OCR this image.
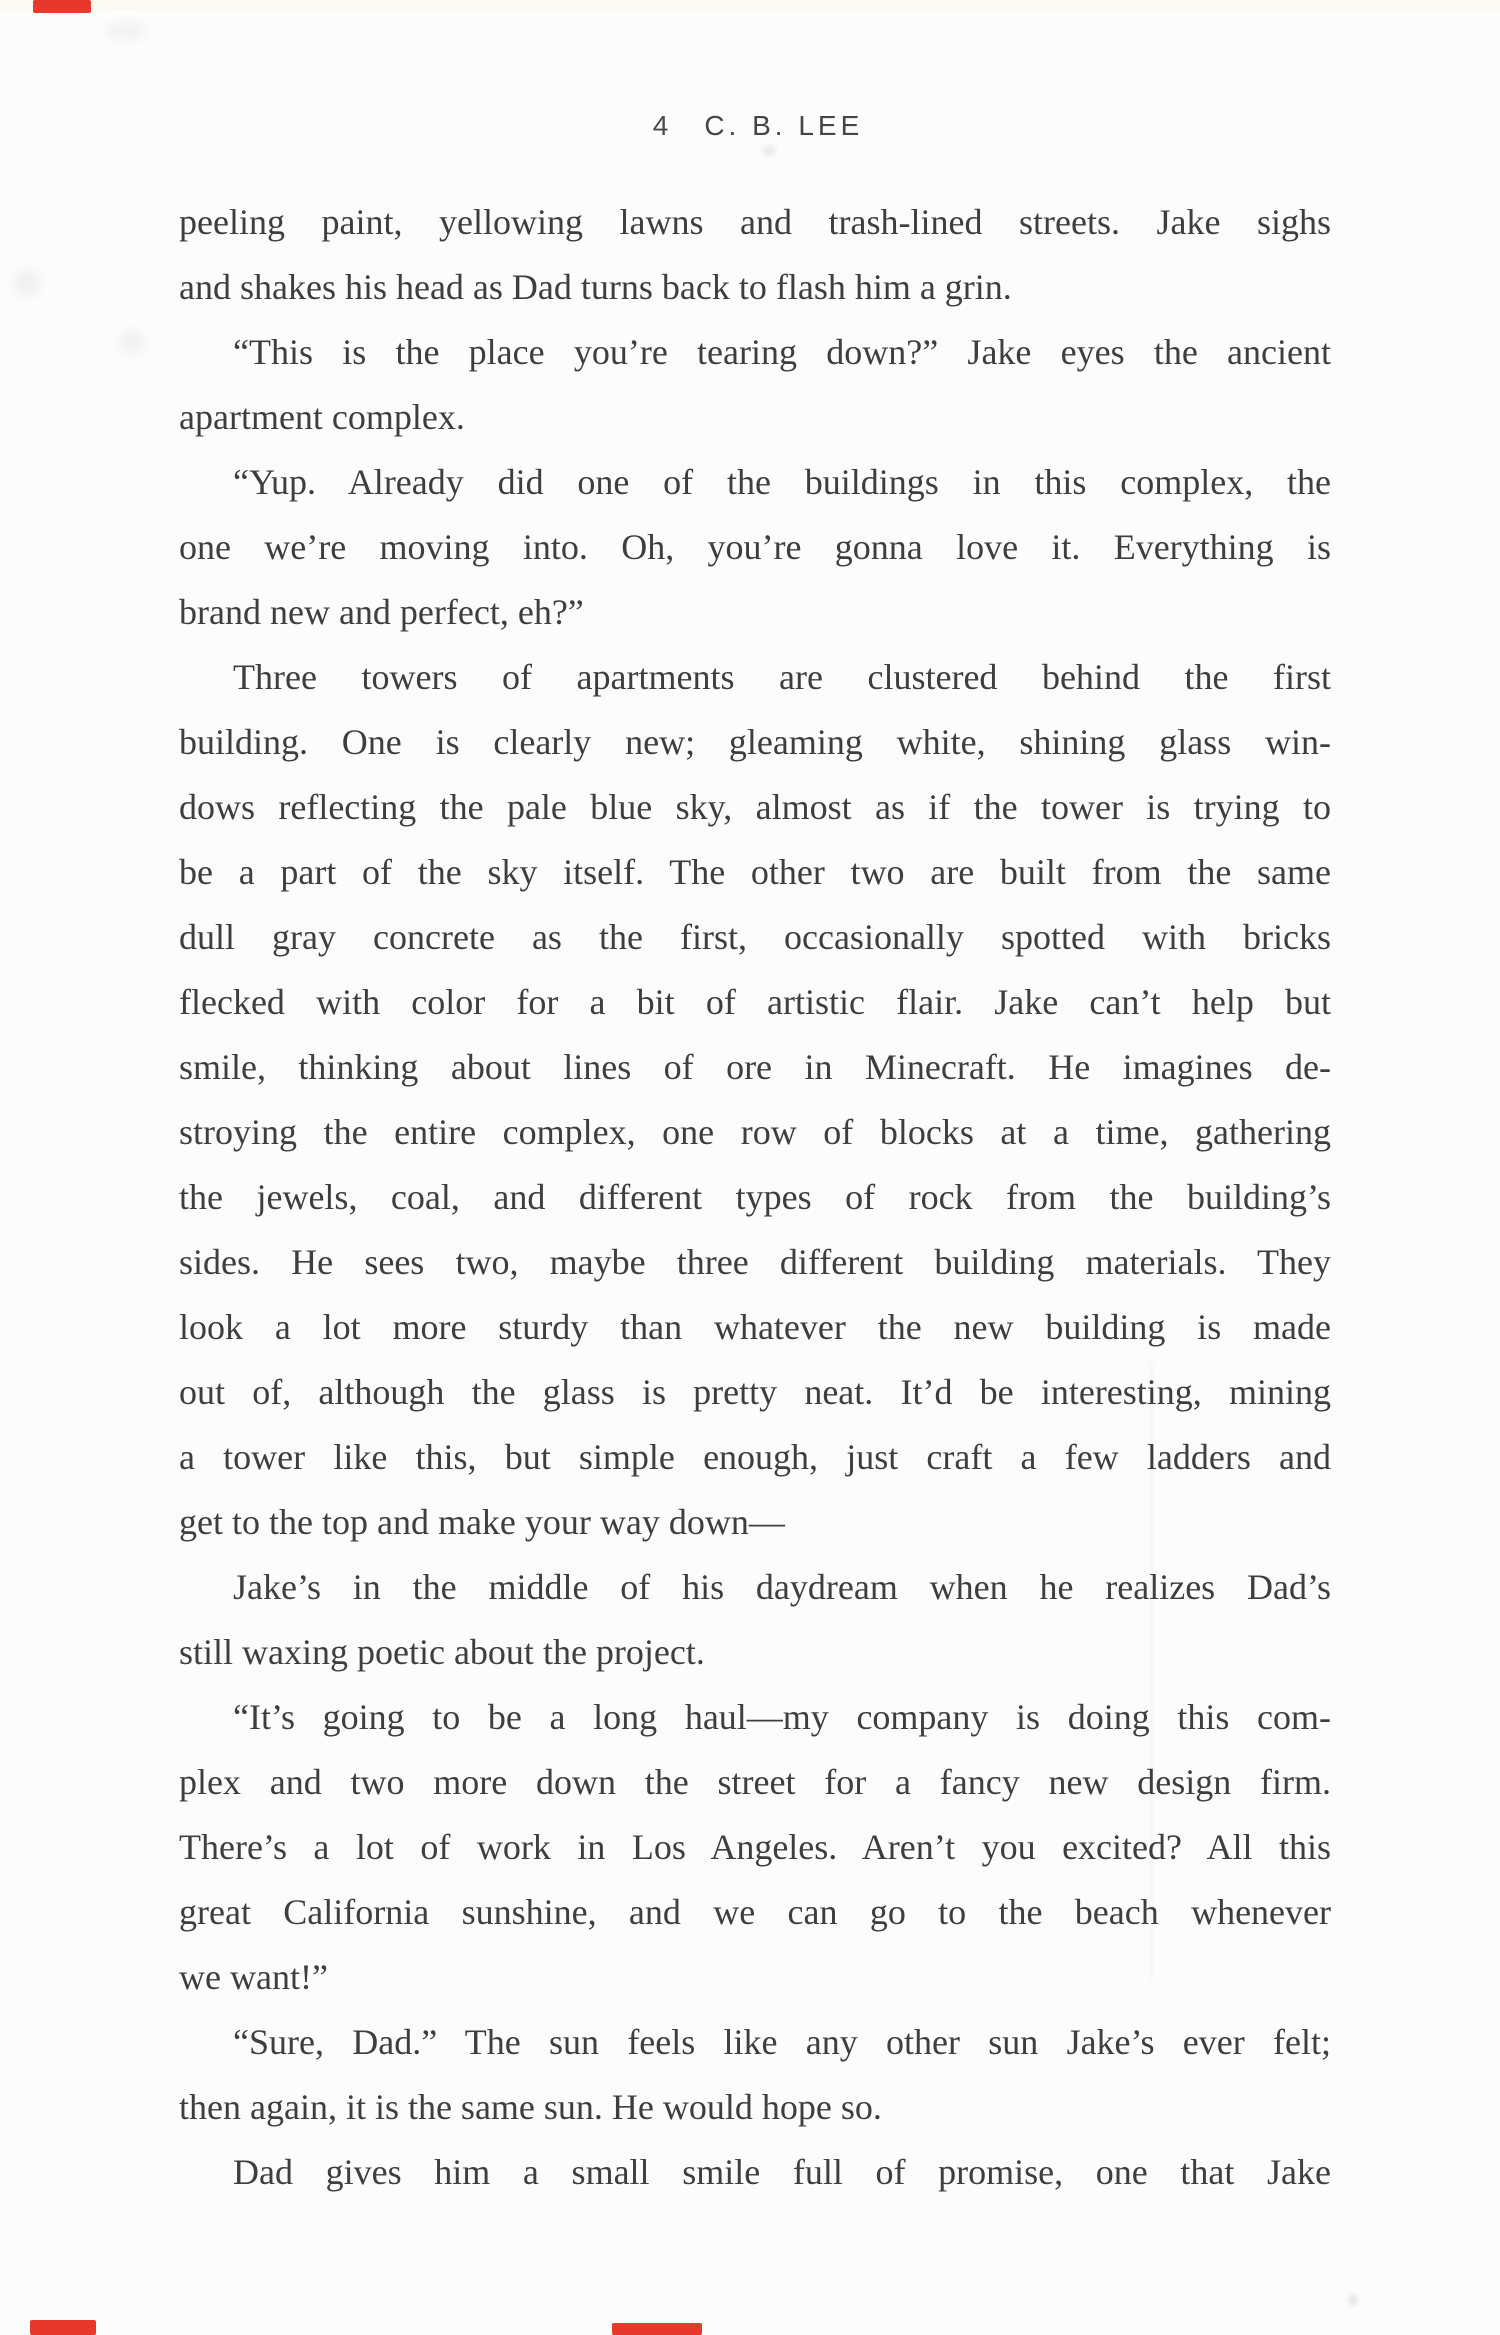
4 C. B. LEE
peeling paint, yellowing lawns and trash-lined streets. Jake sighs
and shakes his head as Dad turns back to flash him a grin.
“This is the place you’re tearing down?” Jake eyes the ancient
apartment complex.
“Yup. Already did one of the buildings in this complex, the
one we’re moving into. Oh, you’re gonna love it. Everything is
brand new and perfect, eh?”
Three towers of apartments are clustered behind the first
building. One is clearly new; gleaming white, shining glass win-
dows reflecting the pale blue sky, almost as if the tower is trying to
be a part of the sky itself. The other two are built from the same
dull gray concrete as the first, occasionally spotted with bricks
flecked with color for a bit of artistic flair. Jake can’t help but
smile, thinking about lines of ore in Minecraft. He imagines de-
stroying the entire complex, one row of blocks at a time, gathering
the jewels, coal, and different types of rock from the building’s
sides. He sees two, maybe three different building materials. They
look a lot more sturdy than whatever the new building is made
out of, although the glass is pretty neat. It’d be interesting, mining
a tower like this, but simple enough, just craft a few ladders and
get to the top and make your way down—
Jake’s in the middle of his daydream when he realizes Dad’s
still waxing poetic about the project.
“It’s going to be a long haul—my company is doing this com-
plex and two more down the street for a fancy new design firm.
There’s a lot of work in Los Angeles. Aren’t you excited? All this
great California sunshine, and we can go to the beach whenever
we want!”
“Sure, Dad.” The sun feels like any other sun Jake’s ever felt;
then again, it is the same sun. He would hope so.
Dad gives him a small smile full of promise, one that Jake
